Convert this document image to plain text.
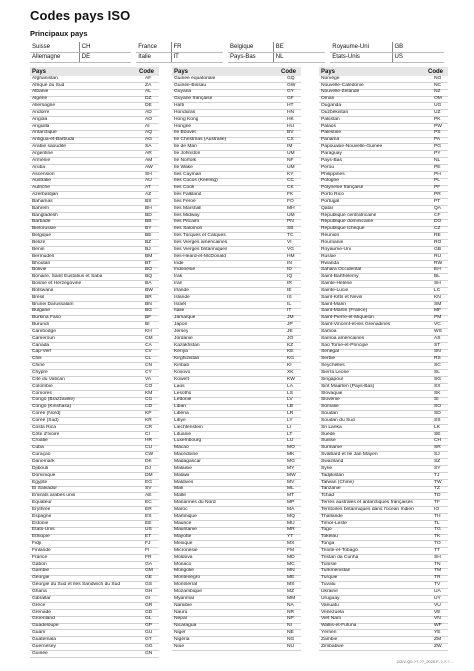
Codes pays ISO
Principaux pays
Suisse	CH		France	FR		Belgique	BE		Royaume-Uni	GB
Allemagne	DE		Italie	IT		Pays-Bas	NL		Etats-Unis	US
Pays	Code
Afghanistan	AF
Afrique du Sud	ZA
Albanie	AL
Algérie	DZ
Allemagne	DE
Andorre	AD
Angola	AO
Anguilla	AI
Antarctique	AQ
Antigua-et-Barbuda	AG
Arabie saoudite	SA
Argentine	AR
Arménie	AM
Aruba	AW
Ascension	SH
Australie	AU
Autriche	AT
Azerbaïdjan	AZ
Bahamas	BS
Bahreïn	BH
Bangladesh	BD
Barbade	BB
Biélorussie	BY
Belgique	BE
Belize	BZ
Bénin	BJ
Bermudes	BM
Bhoutan	BT
Bolivie	BO
Bonaire, Saint Eustatius et Saba	BQ
Bosnie et Herzégovine	BA
Botswana	BW
Brésil	BR
Brunéi Darussalam	BN
Bulgarie	BG
Burkina Faso	BF
Burundi	BI
Cambodge	KH
Cameroun	CM
Canada	CA
Cap-Vert	CV
Chili	CL
Chine	CN
Chypre	CY
Cité du Vatican	VA
Colombie	CO
Comores	KM
Congo (Brazzaville)	CG
Congo (Kinshasa)	CD
Corée (Nord)	KP
Corée (Sud)	KR
Costa Rica	CR
Côte d'Ivoire	CI
Croatie	HR
Cuba	CU
Curaçao	CW
Danemark	DK
Djibouti	DJ
Dominique	DM
Égypte	EG
El Salvador	SV
Emirats arabes unis	AE
Équateur	EC
Erythrée	ER
Espagne	ES
Estonie	EE
Etats-Unis	US
Éthiopie	ET
Fidji	FJ
Finlande	FI
France	FR
Gabon	GA
Gambie	GM
Géorgie	GE
Géorgie du Sud et îles Sandwich du Sud	GS
Ghana	GH
Gibraltar	GI
Grèce	GR
Grenade	GD
Groenland	GL
Guadeloupe	GP
Guam	GU
Guatemala	GT
Guernesey	GG
Guinée	GN
Pays	Code
Guinée équatoriale	GQ
Guinée-Bissau	GW
Guyana	GY
Guyane française	GF
Haïti	HT
Honduras	HN
Hong Kong	HK
Hongrie	HU
Île Bouvet	BV
Île Christmas (Australie)	CX
Île de Man	IM
Île Johnston	UM
Île Norfolk	NF
Île Wake	UM
Îles Cayman	KY
Îles Cocos (Keeling)	CC
Îles Cook	CK
Îles Falkland	FK
Îles Féroé	FO
Îles Marshall	MH
Îles Midway	UM
Îles Pitcairn	PN
Îles Salomon	SB
Îles Turques et Caïques	TC
Îles Vierges américaines	VI
Îles Vierges britanniques	VG
Îles-Heard-et-McDonald	HM
Inde	IN
Indonésie	ID
Irak	IQ
Iran	IR
Irlande	IE
Islande	IS
Israël	IL
Italie	IT
Jamaïque	JM
Japon	JP
Jersey	JE
Jordanie	JO
Kazakhstan	KZ
Kenya	KE
Kirghizistan	KG
Kiribati	KI
Kosovo	XK
Koweït	KW
Laos	LA
Lesotho	LS
Lettonie	LV
Liban	LB
Libéria	LR
Libye	LY
Liechtenstein	LI
Lituanie	LT
Luxembourg	LU
Macao	MO
Macédoine	MK
Madagascar	MG
Malaisie	MY
Malawi	MW
Maldives	MV
Mali	ML
Malte	MT
Mariannes du Nord	MP
Maroc	MA
Martinique	MQ
Maurice	MU
Mauritanie	MR
Mayotte	YT
Mexique	MX
Micronésie	FM
Moldova	MD
Monaco	MC
Mongolie	MN
Monténégro	ME
Montserrat	MS
Mozambique	MZ
Myanmar	MM
Namibie	NA
Nauru	NR
Népal	NP
Nicaragua	NI
Niger	NE
Nigéria	NG
Niue	NU
Pays	Code
Norvège	NO
Nouvelle-Calédonie	NC
Nouvelle-Zélande	NZ
Oman	OM
Ouganda	UG
Ouzbékistan	UZ
Pakistan	PK
Palaos	PW
Palestine	PS
Panama	PA
Papouasie-Nouvelle-Guinée	PG
Paraguay	PY
Pays-Bas	NL
Pérou	PE
Philippines	PH
Pologne	PL
Polynésie française	PF
Porto Rico	PR
Portugal	PT
Qatar	QA
République centrafricaine	CF
République dominicaine	DO
République tchèque	CZ
Réunion	RE
Roumanie	RO
Royaume-Uni	GB
Russie	RU
Rwanda	RW
Sahara Occidental	EH
Saint-Barthélemy	BL
Sainte-Hélène	SH
Sainte-Lucie	LC
Saint-Kitts et Nevis	KN
Saint-Marin	SM
Saint-Martin (France)	MF
Saint-Pierre-et-Miquelon	PM
Saint-Vincent-et-les Grenadines	VC
Samoa	WS
Samoa américaines	AS
Sao Tomé-et-Principe	ST
Sénégal	SN
Serbie	RS
Seychelles	SC
Sierra Leone	SL
Singapour	SG
Sint Maarten (Pays-Bas)	SX
Slovaquie	SK
Slovénie	SI
Somalie	SO
Soudan	SD
Soudan du Sud	SS
Sri Lanka	LK
Suède	SE
Suisse	CH
Suriname	SR
Svalbard et Île Jan Mayen	SJ
Swaziland	SZ
Syrie	SY
Tadjikistan	TJ
Taïwan (Chine)	TW
Tanzanie	TZ
Tchad	TD
Terres australes et antarctiques françaises	TF
Territoires britanniques dans l'océan Indien	IO
Thaïlande	TH
Timor-Leste	TL
Togo	TG
Tokélau	TK
Tonga	TO
Trinité-et-Tobago	TT
Tristan da Cunha	SH
Tunisie	TN
Turkménistan	TM
Turquie	TR
Tuvalu	TV
Ukraine	UA
Uruguay	UY
Vanuatu	VU
Venezuela	VE
Viêt Nam	VN
Wallis-et-Futuna	WF
Yémen	YE
Zambie	ZM
Zimbabwe	ZW
2/2/V-Q0-??-??_2020-F-?-?-? ...
